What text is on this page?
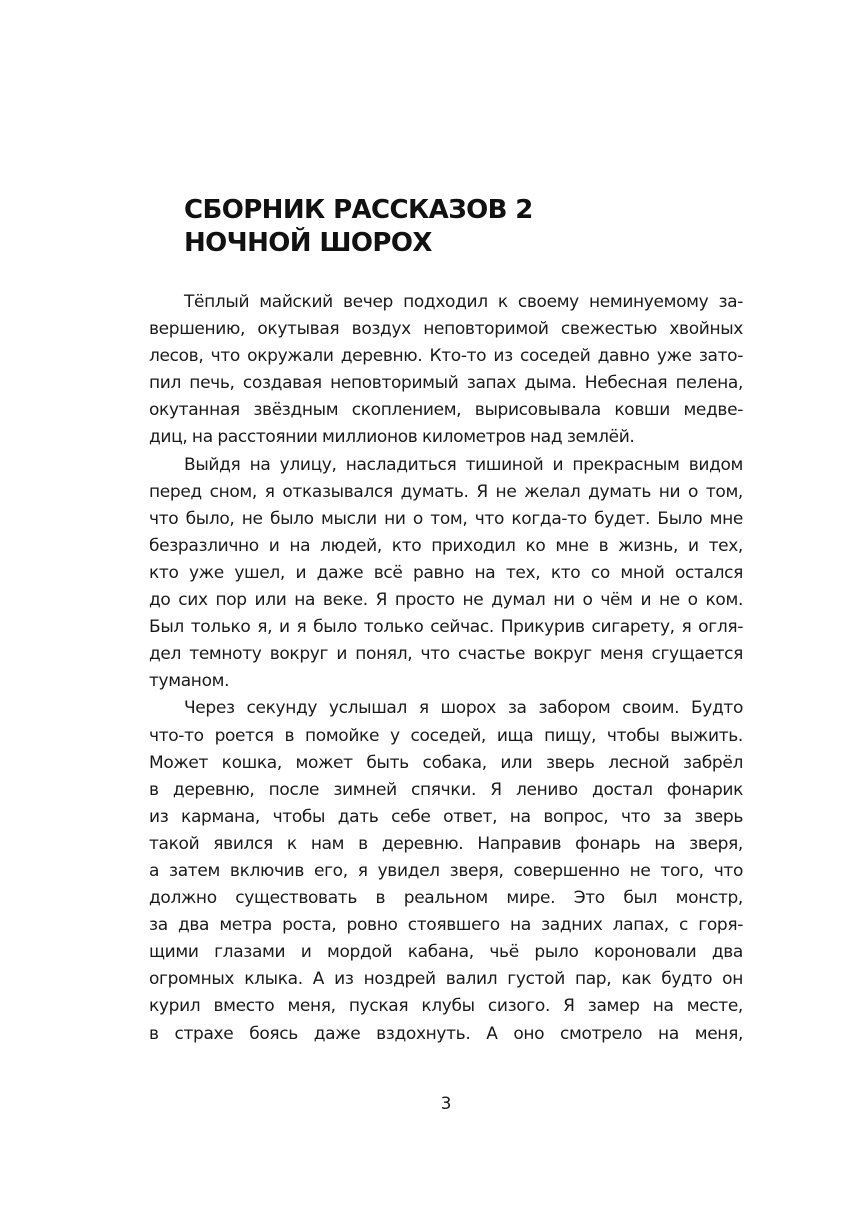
СБОРНИК РАССКАЗОВ 2
НОЧНОЙ ШОРОХ
Тёплый майский вечер подходил к своему неминуемому за-
вершению, окутывая воздух неповторимой свежестью хвойных
лесов, что окружали деревню. Кто-то из соседей давно уже зато-
пил печь, создавая неповторимый запах дыма. Небесная пелена,
окутанная звёздным скоплением, вырисовывала ковши медве-
диц, на расстоянии миллионов километров над землёй.
Выйдя на улицу, насладиться тишиной и прекрасным видом
перед сном, я отказывался думать. Я не желал думать ни о том,
что было, не было мысли ни о том, что когда-то будет. Было мне
безразлично и на людей, кто приходил ко мне в жизнь, и тех,
кто уже ушел, и даже всё равно на тех, кто со мной остался
до сих пор или на веке. Я просто не думал ни о чём и не о ком.
Был только я, и я было только сейчас. Прикурив сигарету, я огля-
дел темноту вокруг и понял, что счастье вокруг меня сгущается
туманом.
Через секунду услышал я шорох за забором своим. Будто
что-то роется в помойке у соседей, ища пищу, чтобы выжить.
Может кошка, может быть собака, или зверь лесной забрёл
в деревню, после зимней спячки. Я лениво достал фонарик
из кармана, чтобы дать себе ответ, на вопрос, что за зверь
такой явился к нам в деревню. Направив фонарь на зверя,
а затем включив его, я увидел зверя, совершенно не того, что
должно существовать в реальном мире. Это был монстр,
за два метра роста, ровно стоявшего на задних лапах, с горя-
щими глазами и мордой кабана, чьё рыло короновали два
огромных клыка. А из ноздрей валил густой пар, как будто он
курил вместо меня, пуская клубы сизого. Я замер на месте,
в страхе боясь даже вздохнуть. А оно смотрело на меня,
3
